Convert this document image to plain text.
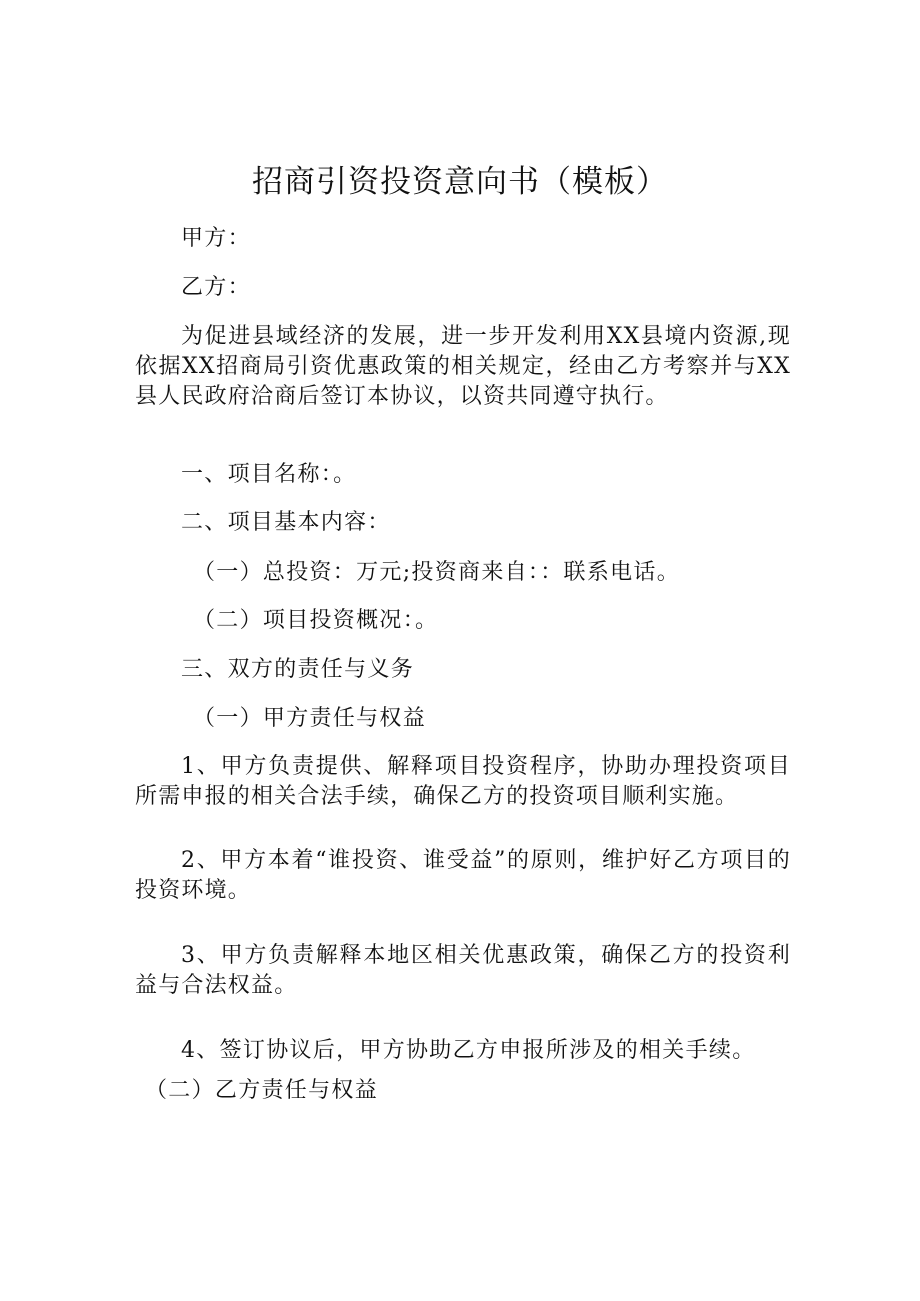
招商引资投资意向书（模板）
甲方：
乙方：
为促进县域经济的发展，进一步开发利用XX县境内资源,现依据XX招商局引资优惠政策的相关规定，经由乙方考察并与XX县人民政府洽商后签订本协议，以资共同遵守执行。
一、项目名称：。
二、项目基本内容：
（一）总投资：万元;投资商来自：：联系电话。
（二）项目投资概况：。
三、双方的责任与义务
（一）甲方责任与权益
1、甲方负责提供、解释项目投资程序，协助办理投资项目所需申报的相关合法手续，确保乙方的投资项目顺利实施。
2、甲方本着“谁投资、谁受益”的原则，维护好乙方项目的投资环境。
3、甲方负责解释本地区相关优惠政策，确保乙方的投资利益与合法权益。
4、签订协议后，甲方协助乙方申报所涉及的相关手续。
（二）乙方责任与权益
